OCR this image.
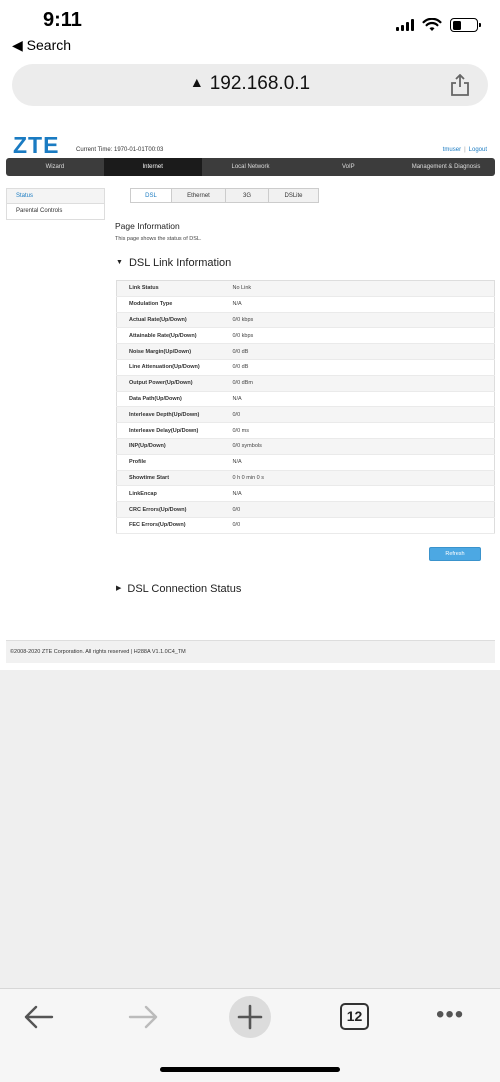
9:11
◀ Search
▲ 192.168.0.1
ZTE	Current Time: 1970-01-01T00:03	tmuser | Logout
Wizard	Internet	Local Network	VoIP	Management & Diagnosis
Status
Parental Controls
DSL	Ethernet	3G	DSLite
Page Information
This page shows the status of DSL.
▼ DSL Link Information
Link Status	No Link
Modulation Type	N/A
Actual Rate(Up/Down)	0/0 kbps
Attainable Rate(Up/Down)	0/0 kbps
Noise Margin(Up/Down)	0/0 dB
Line Attenuation(Up/Down)	0/0 dB
Output Power(Up/Down)	0/0 dBm
Data Path(Up/Down)	N/A
Interleave Depth(Up/Down)	0/0
Interleave Delay(Up/Down)	0/0 ms
INP(Up/Down)	0/0 symbols
Profile	N/A
Showtime Start	0 h 0 min 0 s
LinkEncap	N/A
CRC Errors(Up/Down)	0/0
FEC Errors(Up/Down)	0/0
Refresh
▶ DSL Connection Status
©2008-2020 ZTE Corporation. All rights reserved | H288A V1.1.0C4_TM
12	•••
